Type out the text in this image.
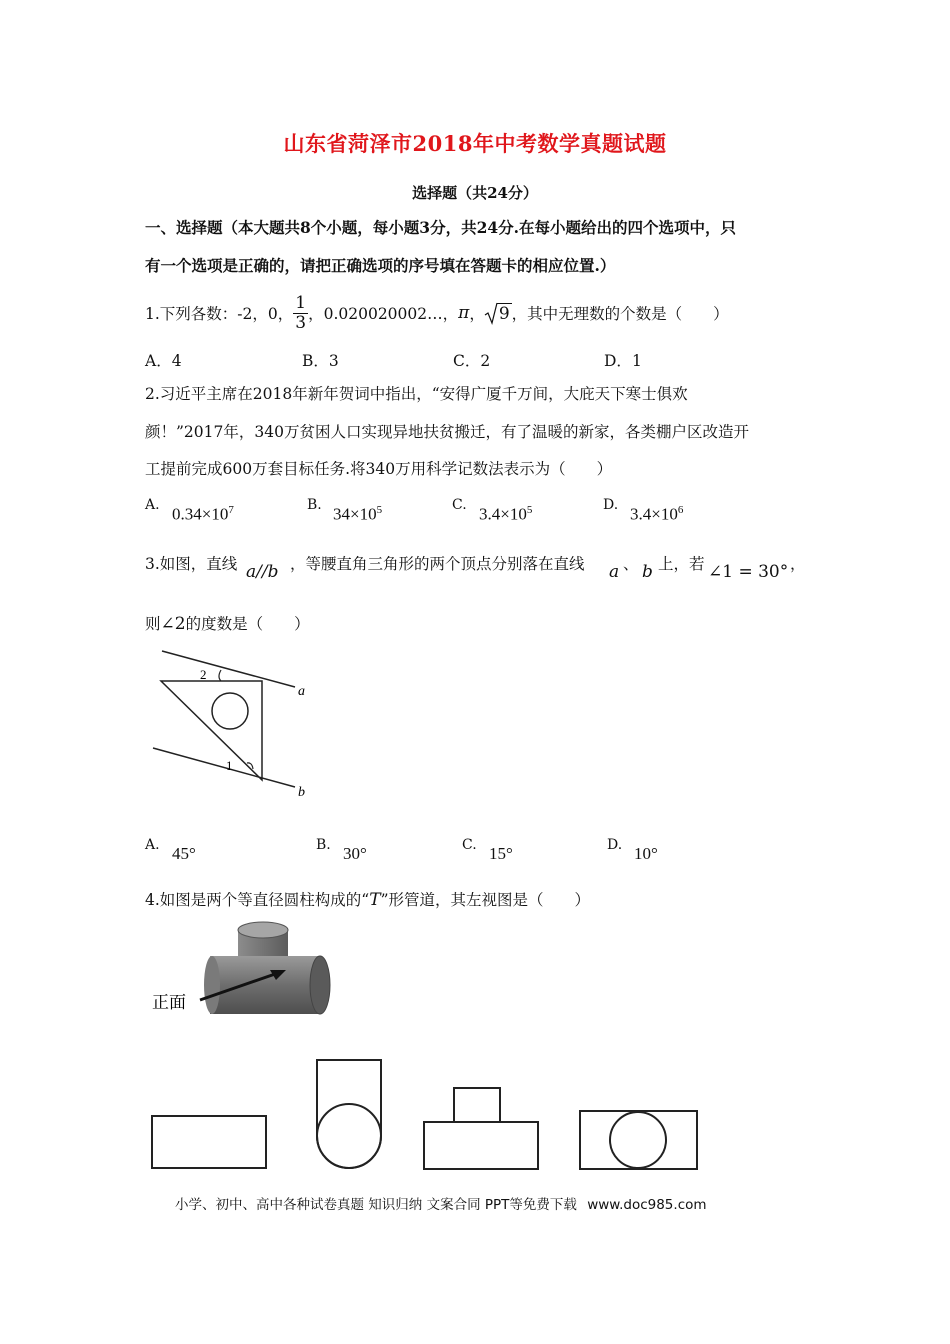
山东省菏泽市2018年中考数学真题试题
选择题（共24分）
一、选择题（本大题共8个小题，每小题3分，共24分.在每小题给出的四个选项中，只
有一个选项是正确的，请把正确选项的序号填在答题卡的相应位置.）
1.下列各数：-2，0， $\frac{1}{3}$ ，0.020020002…， π ， 9 ，其中无理数的个数是（　　）
A．4	B．3	C．2	D．1
2.习近平主席在2018年新年贺词中指出，“安得广厦千万间，大庇天下寒士俱欢
颜！”2017年，340万贫困人口实现异地扶贫搬迁，有了温暖的新家，各类棚户区改造开
工提前完成600万套目标任务.将340万用科学记数法表示为（　　）
A. $0.34\times 10^7$	B. $34\times 10^5$	C. $3.4\times 10^5$	D. $3.4\times 10^6$
3.如图，直线 a//b ，等腰直角三角形的两个顶点分别落在直线 a 、 b 上，若 ∠1 = 30° ，
则∠2的度数是（　　）
2
1
a
b
A. 45°	B. 30°	C. 15°	D. 10°
4.如图是两个等直径圆柱构成的“T”形管道，其左视图是（　　）
正面
小学、初中、高中各种试卷真题 知识归纳 文案合同 PPT等免费下载 www.doc985.com
